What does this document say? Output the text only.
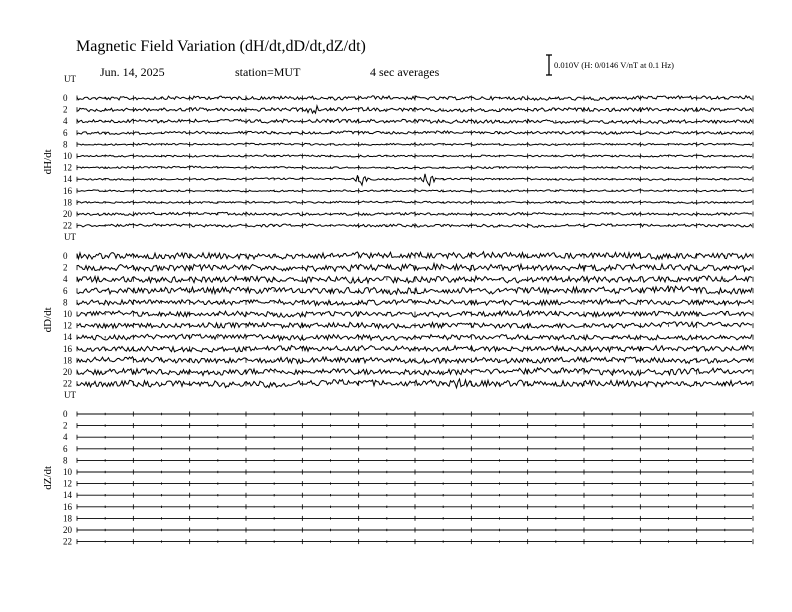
Magnetic Field Variation (dH/dt,dD/dt,dZ/dt)
Jun. 14, 2025	station=MUT	4 sec averages	0.010V (H: 0/0146 V/nT at 0.1 Hz)
UT
dH/dt
0
2
4
6
8
10
12
14
16
18
20
22
UT
dD/dt
0
2
4
6
8
10
12
14
16
18
20
22
UT
dZ/dt
0
2
4
6
8
10
12
14
16
18
20
22
